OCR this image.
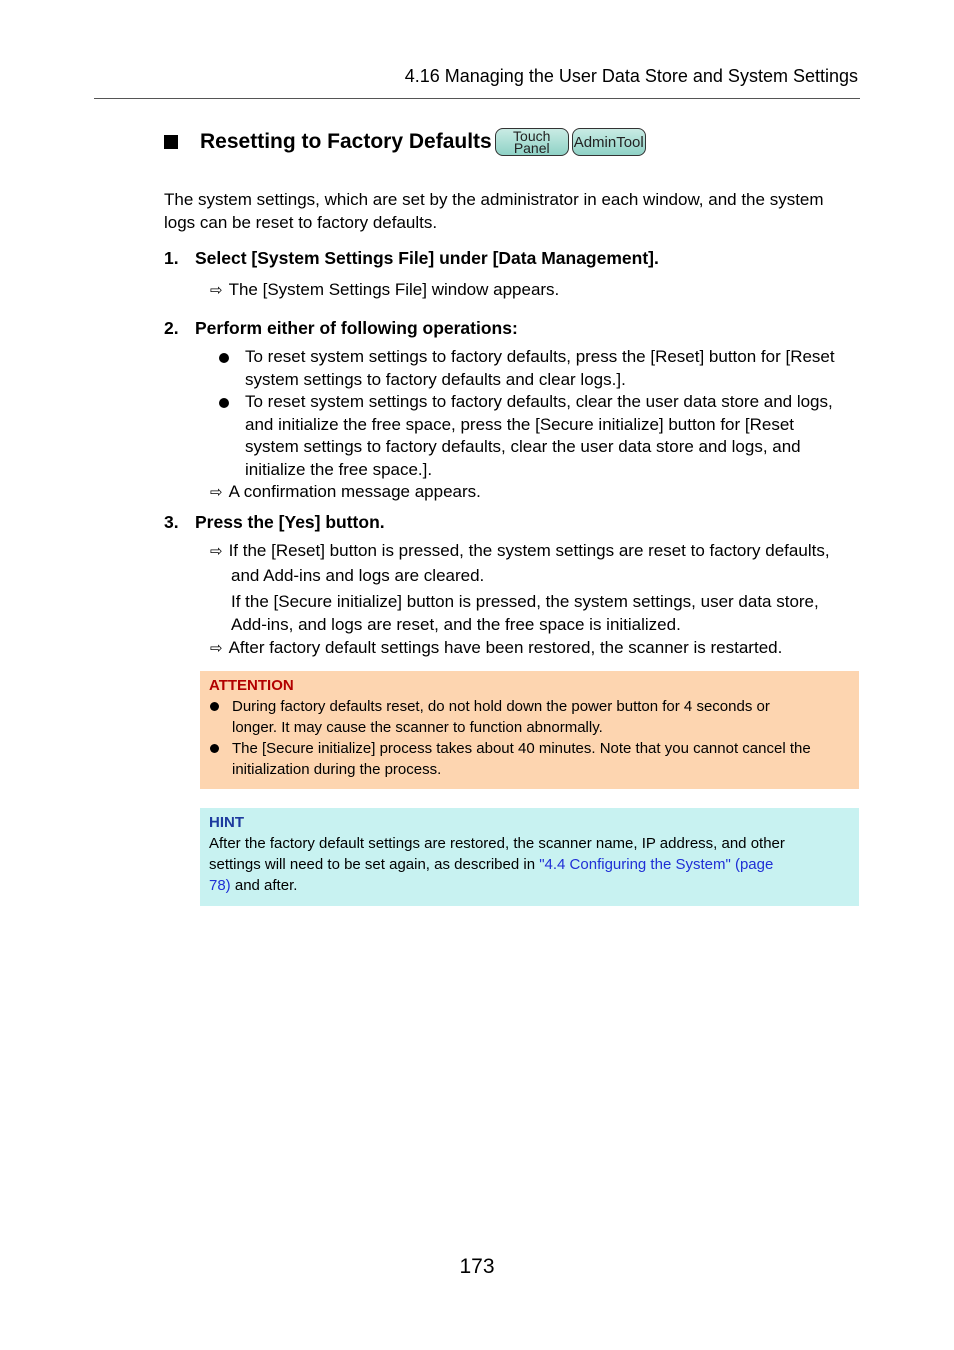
4.16 Managing the User Data Store and System Settings
Resetting to Factory Defaults Touch
Panel AdminTool
The system settings, which are set by the administrator in each window, and the system
logs can be reset to factory defaults.
1. Select [System Settings File] under [Data Management].
⇨ The [System Settings File] window appears.
2. Perform either of following operations:
To reset system settings to factory defaults, press the [Reset] button for [Reset
system settings to factory defaults and clear logs.].
To reset system settings to factory defaults, clear the user data store and logs,
and initialize the free space, press the [Secure initialize] button for [Reset
system settings to factory defaults, clear the user data store and logs, and
initialize the free space.].
⇨ A confirmation message appears.
3. Press the [Yes] button.
⇨ If the [Reset] button is pressed, the system settings are reset to factory defaults,
and Add-ins and logs are cleared.
If the [Secure initialize] button is pressed, the system settings, user data store,
Add-ins, and logs are reset, and the free space is initialized.
⇨ After factory default settings have been restored, the scanner is restarted.
ATTENTION
During factory defaults reset, do not hold down the power button for 4 seconds or
longer. It may cause the scanner to function abnormally.
The [Secure initialize] process takes about 40 minutes. Note that you cannot cancel the
initialization during the process.
HINT
After the factory default settings are restored, the scanner name, IP address, and other
settings will need to be set again, as described in "4.4 Configuring the System" (page
78) and after.
173
